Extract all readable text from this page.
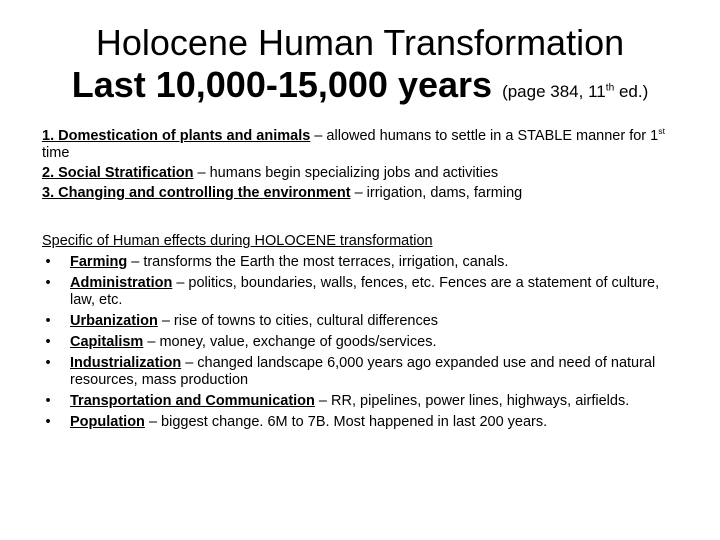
Holocene Human Transformation
Last 10,000-15,000 years (page 384, 11th ed.)

1. Domestication of plants and animals – allowed humans to settle in a STABLE manner for 1st time

2. Social Stratification – humans begin specializing jobs and activities

3. Changing and controlling the environment – irrigation, dams, farming

Specific of Human effects during HOLOCENE transformation

• Farming – transforms the Earth the most terraces, irrigation, canals.
• Administration – politics, boundaries, walls, fences, etc. Fences are a statement of culture, law, etc.
• Urbanization – rise of towns to cities, cultural differences
• Capitalism – money, value, exchange of goods/services.
• Industrialization – changed landscape 6,000 years ago expanded use and need of natural resources, mass production
• Transportation and Communication – RR, pipelines, power lines, highways, airfields.
• Population – biggest change. 6M to 7B. Most happened in last 200 years.
